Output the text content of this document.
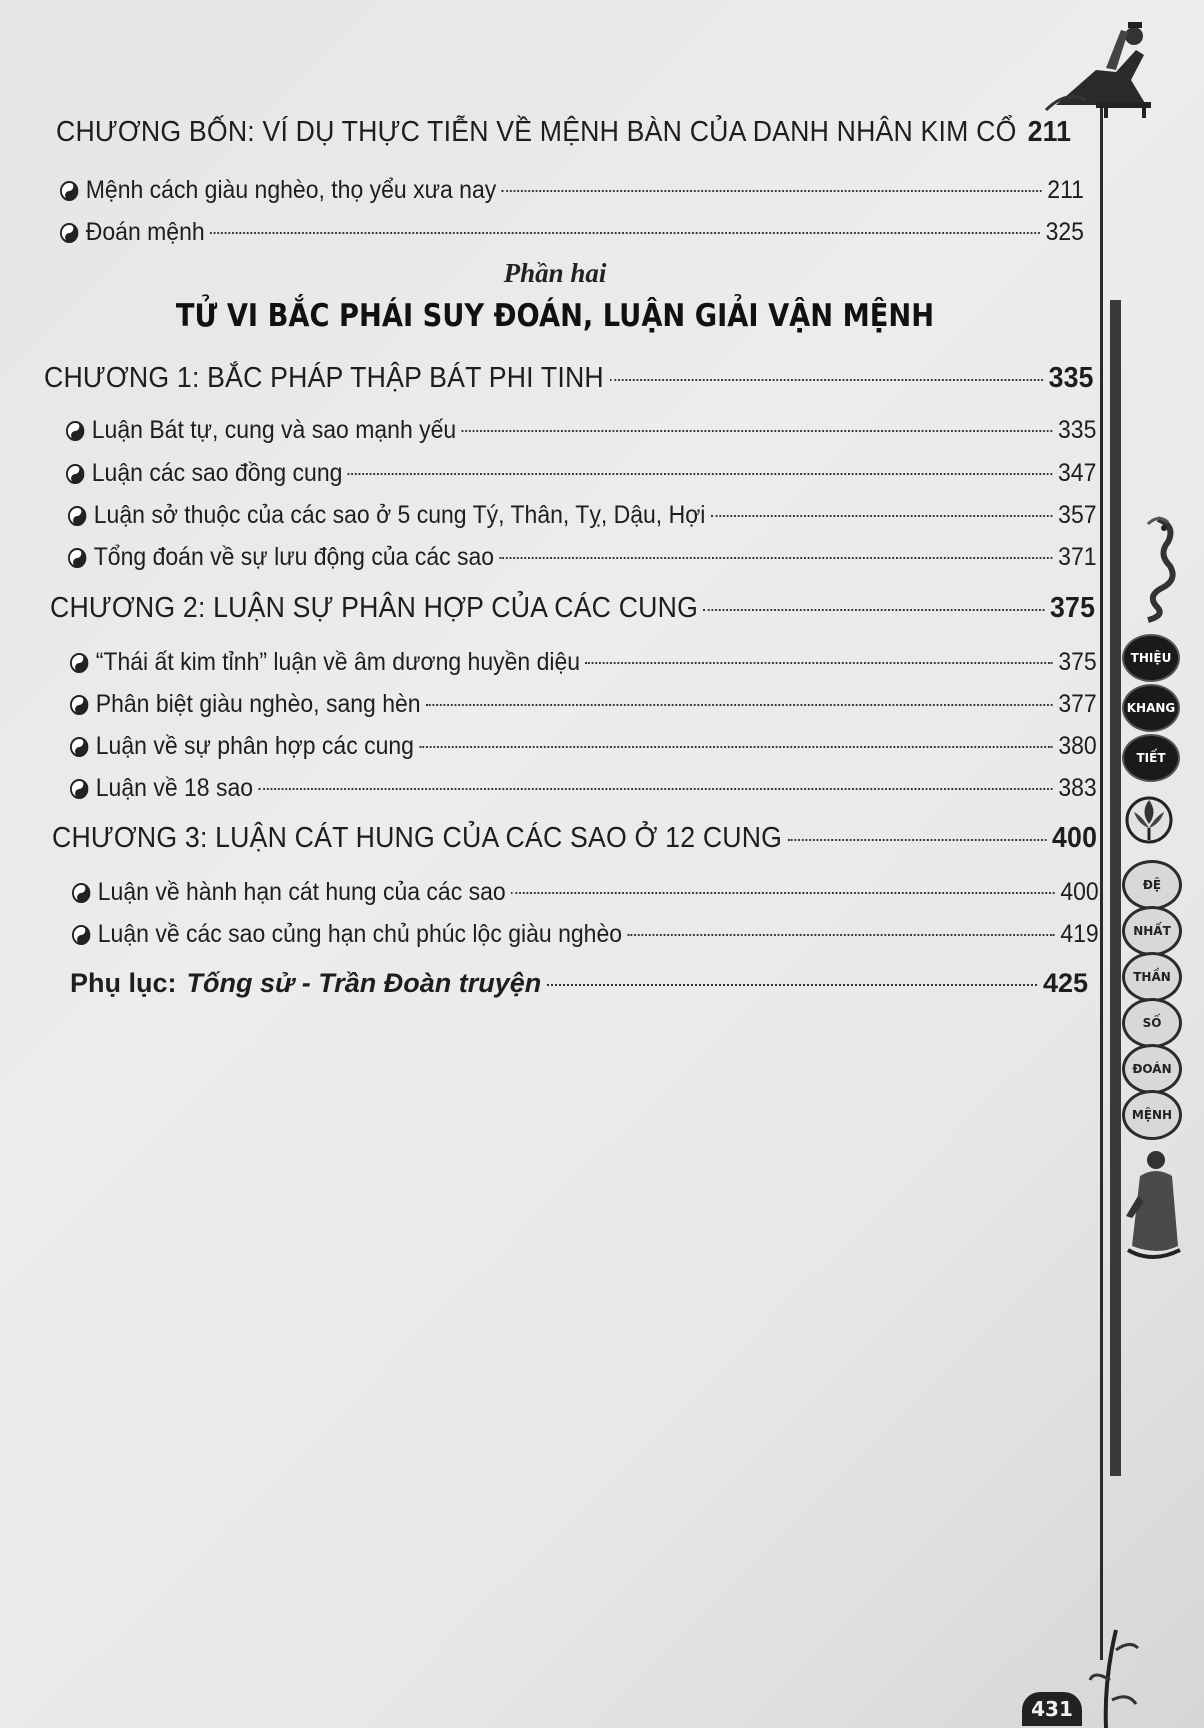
CHƯƠNG BỐN: VÍ DỤ THỰC TIỄN VỀ MỆNH BÀN CỦA DANH NHÂN KIM CỔ 211
Mệnh cách giàu nghèo, thọ yểu xưa nay	211
Đoán mệnh	325
Phần hai
TỬ VI BẮC PHÁI SUY ĐOÁN, LUẬN GIẢI VẬN MỆNH
CHƯƠNG 1: BẮC PHÁP THẬP BÁT PHI TINH	335
Luận Bát tự, cung và sao mạnh yếu	335
Luận các sao đồng cung	347
Luận sở thuộc của các sao ở 5 cung Tý, Thân, Tỵ, Dậu, Hợi	357
Tổng đoán về sự lưu động của các sao	371
CHƯƠNG 2: LUẬN SỰ PHÂN HỢP CỦA CÁC CUNG	375
“Thái ất kim tỉnh” luận về âm dương huyền diệu	375
Phân biệt giàu nghèo, sang hèn	377
Luận về sự phân hợp các cung	380
Luận về 18 sao	383
CHƯƠNG 3: LUẬN CÁT HUNG CỦA CÁC SAO Ở 12 CUNG	400
Luận về hành hạn cát hung của các sao	400
Luận về các sao củng hạn chủ phúc lộc giàu nghèo	419
Phụ lục: Tống sử - Trần Đoàn truyện	425
THIỆU
KHANG
TIẾT
ĐỆ
NHẤT
THẦN
SỐ
ĐOÁN
MỆNH
431
